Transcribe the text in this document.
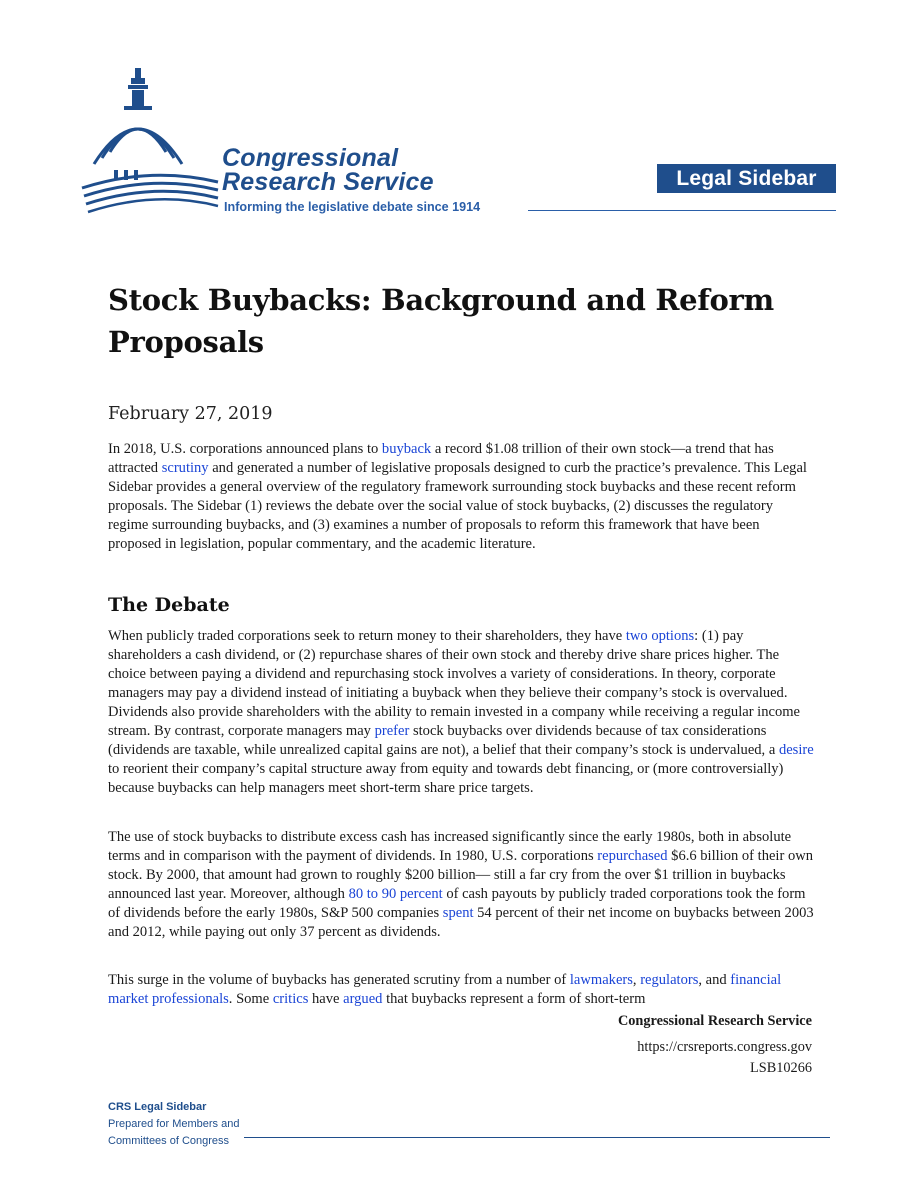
Congressional
Research Service
Informing the legislative debate since 1914
Legal Sidebar
Stock Buybacks: Background and Reform Proposals
February 27, 2019

In 2018, U.S. corporations announced plans to buyback a record $1.08 trillion of their own stock—a trend that has attracted scrutiny and generated a number of legislative proposals designed to curb the practice’s prevalence. This Legal Sidebar provides a general overview of the regulatory framework surrounding stock buybacks and these recent reform proposals. The Sidebar (1) reviews the debate over the social value of stock buybacks, (2) discusses the regulatory regime surrounding buybacks, and (3) examines a number of proposals to reform this framework that have been proposed in legislation, popular commentary, and the academic literature.

The Debate

When publicly traded corporations seek to return money to their shareholders, they have two options: (1) pay shareholders a cash dividend, or (2) repurchase shares of their own stock and thereby drive share prices higher. The choice between paying a dividend and repurchasing stock involves a variety of considerations. In theory, corporate managers may pay a dividend instead of initiating a buyback when they believe their company’s stock is overvalued. Dividends also provide shareholders with the ability to remain invested in a company while receiving a regular income stream. By contrast, corporate managers may prefer stock buybacks over dividends because of tax considerations (dividends are taxable, while unrealized capital gains are not), a belief that their company’s stock is undervalued, a desire to reorient their company’s capital structure away from equity and towards debt financing, or (more controversially) because buybacks can help managers meet short-term share price targets.

The use of stock buybacks to distribute excess cash has increased significantly since the early 1980s, both in absolute terms and in comparison with the payment of dividends. In 1980, U.S. corporations repurchased $6.6 billion of their own stock. By 2000, that amount had grown to roughly $200 billion— still a far cry from the over $1 trillion in buybacks announced last year. Moreover, although 80 to 90 percent of cash payouts by publicly traded corporations took the form of dividends before the early 1980s, S&P 500 companies spent 54 percent of their net income on buybacks between 2003 and 2012, while paying out only 37 percent as dividends.

This surge in the volume of buybacks has generated scrutiny from a number of lawmakers, regulators, and financial market professionals. Some critics have argued that buybacks represent a form of short-term

Congressional Research Service
https://crsreports.congress.gov
LSB10266
CRS Legal Sidebar
Prepared for Members and
Committees of Congress
